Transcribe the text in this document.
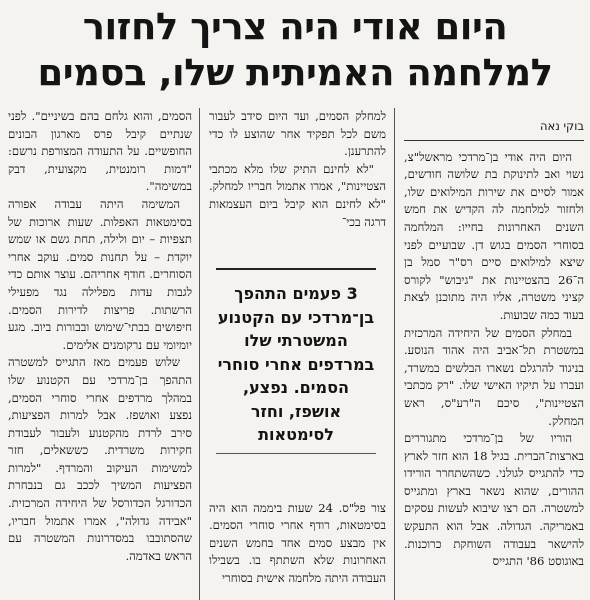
היום אודי היה צריך לחזור
למלחמה האמיתית שלו, בסמים
בוקי נאה

היום היה אודי בן־מרדכי מראשל"צ, נשוי ואב לתינוקת בת שלושה חודשים, אמור לסיים את שירות המילואים שלו, ולחזור למלחמה לה הקדיש את חמש השנים האחרונות בחייו: המלחמה בסוחרי הסמים בגוש דן. שבועיים לפני שיצא למילואים סיים רס"ר סמל בן ה־26 בהצטיינות את "גיבוש" לקורס קציני משטרה, אליו היה מתוכנן לצאת בעוד כמה שבועות.

במחלק הסמים של היחידה המרכזית במשטרת תל־אביב היה אהוד הנוסע. בניגוד להרגלם נשארו הבלשים במשרד, ועברו על תיקיו האישי שלו. "רק מכתבי הצטיינות", סיכם ה"רע"ס, ראש המחלק.

הוריו של בן־מרדכי מתגוררים בארצות־הברית. בגיל 18 הוא חזר לארץ כדי להתגייס לגולני. כשהשתחרר הורידו ההורים, שהוא נשאר בארץ ומתגייס למשטרה. הם רצו שיבוא לעשות עסקים באמריקה. הגדולה. אבל הוא התעקש להישאר בעבודה השוחקת כרוכנות. באוגוסט 86' התגייס

למחלק הסמים, ועד היום סידב לעבור משם לכל תפקיד אחר שהוצע לו כדי להתרענן.

"לא לחינם התיק שלו מלא מכתבי הצטיינות", אמרו אתמול חבריו למחלק. "לא לחינם הוא קיבל ביום העצמאות דרגה בכי־

3 פעמים התהפך בן־מרדכי עם הקטנוע המשטרתי שלו במרדפים אחרי סוחרי הסמים. נפצע, אושפז, וחזר לסימטאות

צור פל"ס. 24 שעות ביממה הוא היה בסימטאות, רודף אחרי סוחרי הסמים. אין מבצע סמים אחד בחמש השנים האחרונות שלא השתתף בו. בשבילו העבודה היתה מלחמה אישית בסוחרי

הסמים, והוא גלחם בהם בשיניים". לפני שנתיים קיבל פרס מארגון הבונים החופשיים. על התעודה המצורפת נרשם: "דמות רומנטית, מקצועית, דבק במשימה".

המשימה היתה עבודה אפורה בסימטאות האפלות. שעות ארוכות של תצפיות – יום ולילה, תחת גשם או שמש יוקדת – על תחנות סמים. עוקב אחרי הסוחרים. חודף אחריהם. עוצר אותם כדי לגבות עדות מפלילה נגד מפעילי הרשתות. פריצות לדירות הסמים. חיפושים בבתי־שימוש ובבורות ביוב. מגע יומיומי עם נרקומנים אלימים.

שלוש פעמים מאז התגייס למשטרה התהפך בן־מרדכי עם הקטנוע שלו במהלך מרדפים אחרי סוחרי הסמים, נפצע ואושפז. אבל למרות הפציעות, סירב לרדת מהקטנוע ולעבור לעבודת חקירות משרדית. כששאלים, חזר למשימות העיקוב והמרדף. "למרות הפציעות המשיך לככב גם בנבחרת הכדורגל הכדורסל של היחידה המרכזית. "אבידה גדולה", אמרו אתמול חבריו, שהסתובבו במסדרונות המשטרה עם הראש באדמה.
